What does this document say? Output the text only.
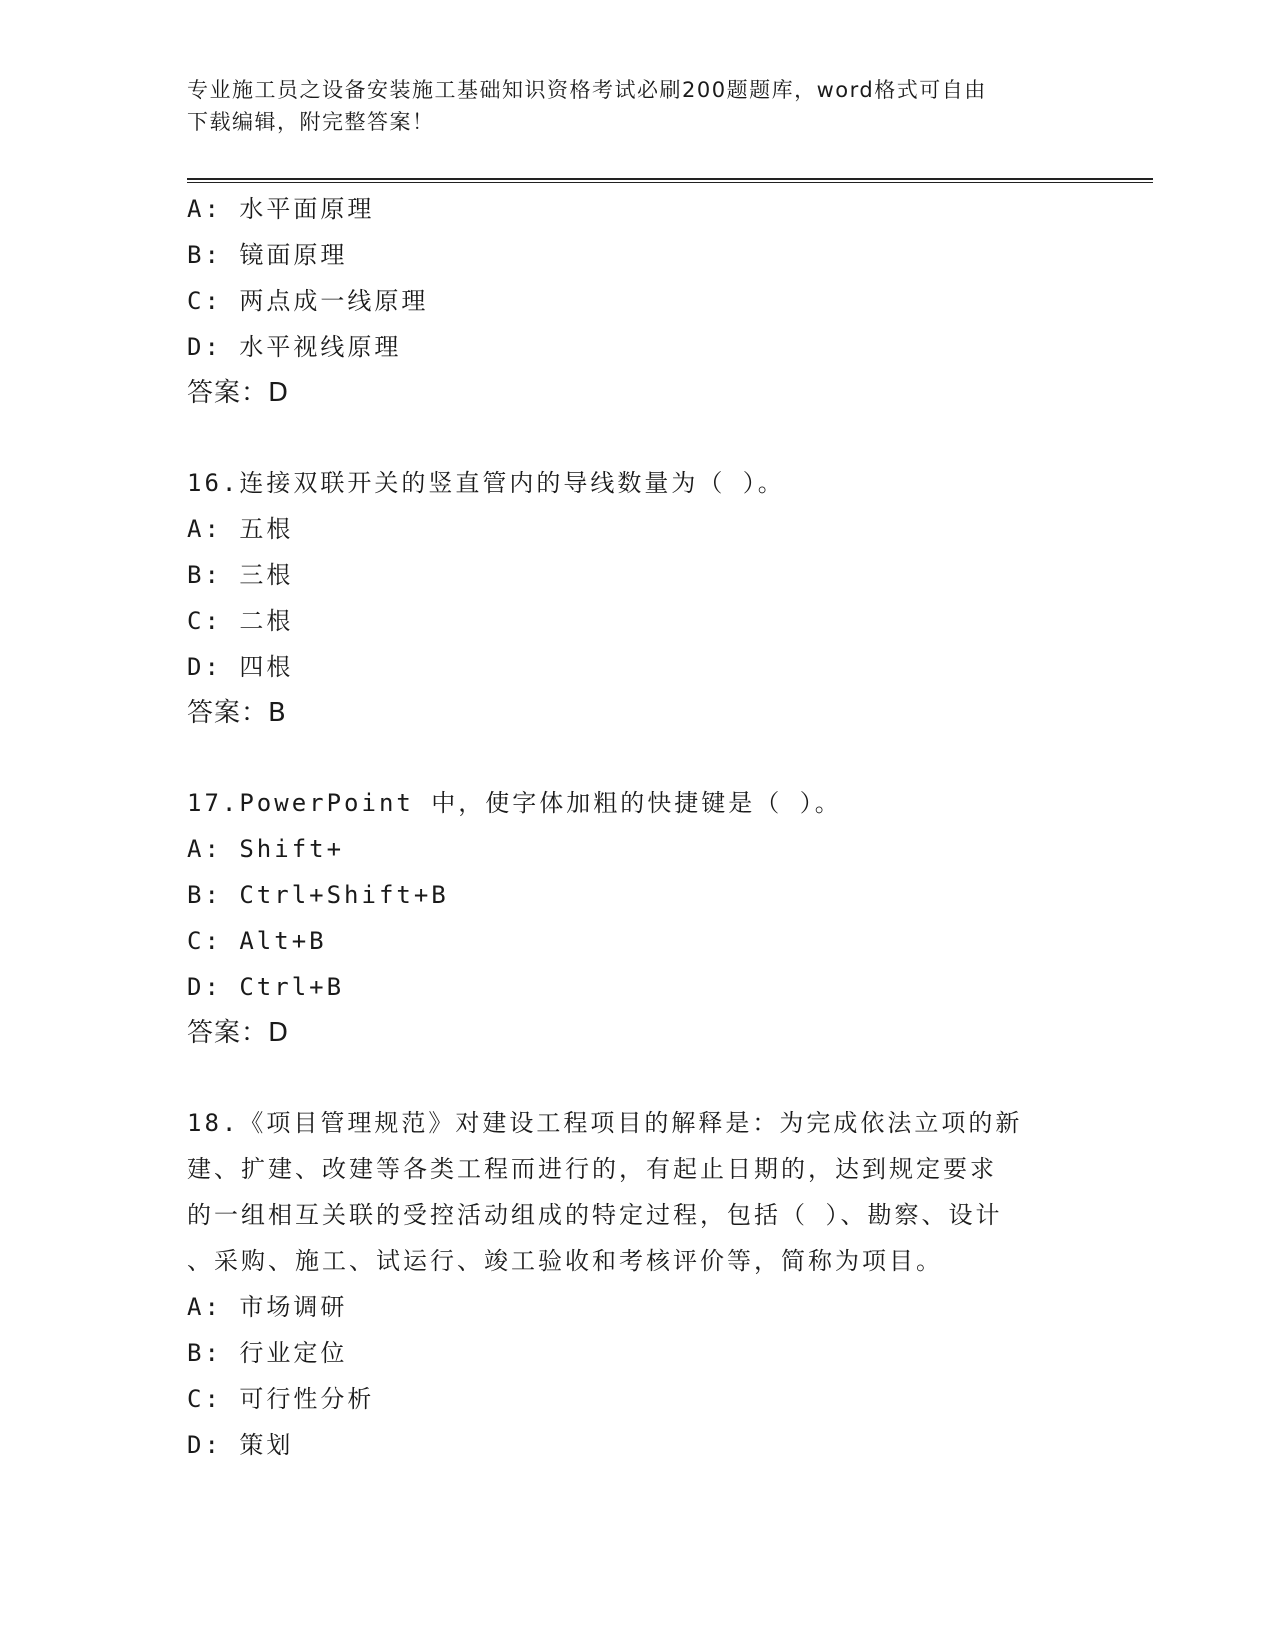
专业施工员之设备安装施工基础知识资格考试必刷200题题库，word格式可自由
下载编辑，附完整答案！
A: 水平面原理
B: 镜面原理
C: 两点成一线原理
D: 水平视线原理
答案：D
16.连接双联开关的竖直管内的导线数量为（ ）。
A: 五根
B: 三根
C: 二根
D: 四根
答案：B
17.PowerPoint 中，使字体加粗的快捷键是（ ）。
A: Shift+
B: Ctrl+Shift+B
C: Alt+B
D: Ctrl+B
答案：D
18.《项目管理规范》对建设工程项目的解释是：为完成依法立项的新
建、扩建、改建等各类工程而进行的，有起止日期的，达到规定要求
的一组相互关联的受控活动组成的特定过程，包括（ ）、勘察、设计
、采购、施工、试运行、竣工验收和考核评价等，简称为项目。
A: 市场调研
B: 行业定位
C: 可行性分析
D: 策划
